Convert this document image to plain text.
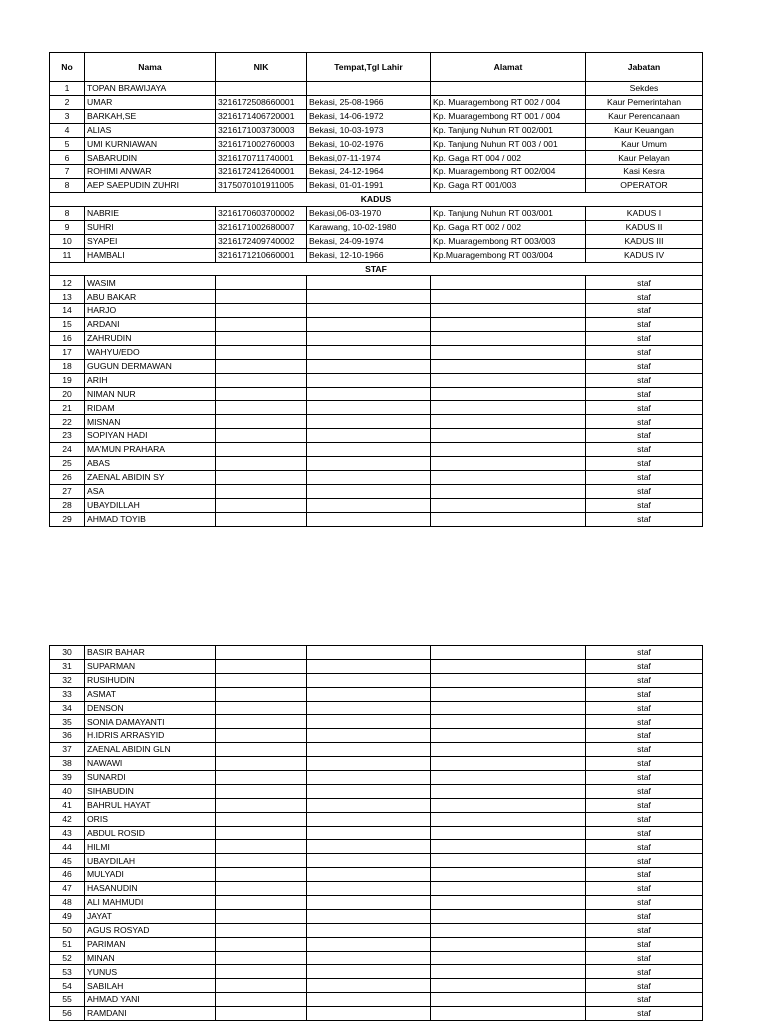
No	Nama	NIK	Tempat,Tgl Lahir	Alamat	Jabatan
1	TOPAN BRAWIJAYA				Sekdes
2	UMAR	3216172508660001	Bekasi, 25-08-1966	Kp. Muaragembong RT 002 / 004	Kaur Pemerintahan
3	BARKAH,SE	3216171406720001	Bekasi, 14-06-1972	Kp. Muaragembong RT 001 / 004	Kaur Perencanaan
4	ALIAS	3216171003730003	Bekasi, 10-03-1973	Kp. Tanjung Nuhun RT 002/001	Kaur Keuangan
5	UMI KURNIAWAN	3216171002760003	Bekasi, 10-02-1976	Kp. Tanjung Nuhun RT 003 / 001	Kaur Umum
6	SABARUDIN	3216170711740001	Bekasi,07-11-1974	Kp. Gaga RT 004 / 002	Kaur Pelayan
7	ROHIMI ANWAR	3216172412640001	Bekasi, 24-12-1964	Kp. Muaragembong RT 002/004	Kasi Kesra
8	AEP SAEPUDIN ZUHRI	3175070101911005	Bekasi, 01-01-1991	Kp. Gaga RT 001/003	OPERATOR
KADUS					
8	NABRIE	3216170603700002	Bekasi,06-03-1970	Kp. Tanjung Nuhun RT 003/001	KADUS I
9	SUHRI	3216171002680007	Karawang, 10-02-1980	Kp. Gaga RT 002 / 002	KADUS II
10	SYAPEI	3216172409740002	Bekasi, 24-09-1974	Kp. Muaragembong RT 003/003	KADUS III
11	HAMBALI	3216171210660001	Bekasi, 12-10-1966	Kp.Muaragembong RT 003/004	KADUS IV
STAF					
12	WASIM				staf
13	ABU BAKAR				staf
14	HARJO				staf
15	ARDANI				staf
16	ZAHRUDIN				staf
17	WAHYU/EDO				staf
18	GUGUN DERMAWAN				staf
19	ARIH				staf
20	NIMAN NUR				staf
21	RIDAM				staf
22	MISNAN				staf
23	SOPIYAN HADI				staf
24	MA'MUN PRAHARA				staf
25	ABAS				staf
26	ZAENAL ABIDIN SY				staf
27	ASA				staf
28	UBAYDILLAH				staf
29	AHMAD TOYIB				staf
30	BASIR BAHAR				staf
31	SUPARMAN				staf
32	RUSIHUDIN				staf
33	ASMAT				staf
34	DENSON				staf
35	SONIA DAMAYANTI				staf
36	H.IDRIS ARRASYID				staf
37	ZAENAL ABIDIN GLN				staf
38	NAWAWI				staf
39	SUNARDI				staf
40	SIHABUDIN				staf
41	BAHRUL HAYAT				staf
42	ORIS				staf
43	ABDUL ROSID				staf
44	HILMI				staf
45	UBAYDILAH				staf
46	MULYADI				staf
47	HASANUDIN				staf
48	ALI MAHMUDI				staf
49	JAYAT				staf
50	AGUS ROSYAD				staf
51	PARIMAN				staf
52	MINAN				staf
53	YUNUS				staf
54	SABILAH				staf
55	AHMAD YANI				staf
56	RAMDANI				staf
